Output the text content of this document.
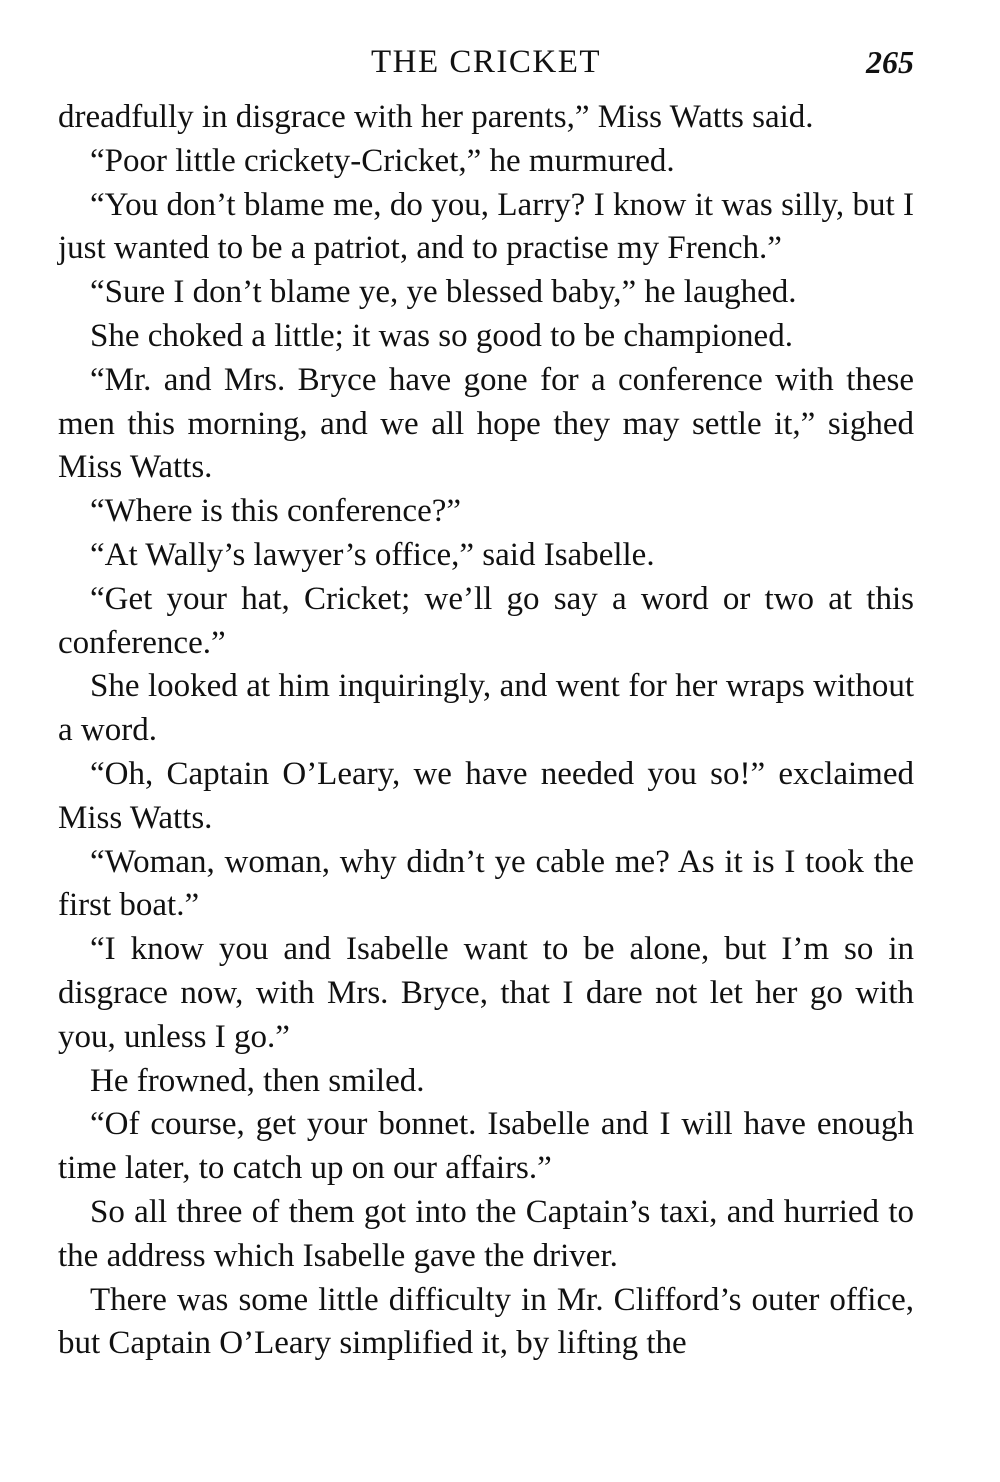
THE CRICKET	265

dreadfully in disgrace with her parents,” Miss Watts said.

“Poor little crickety-Cricket,” he murmured.

“You don’t blame me, do you, Larry? I know it was silly, but I just wanted to be a patriot, and to practise my French.”

“Sure I don’t blame ye, ye blessed baby,” he laughed.

She choked a little; it was so good to be championed.

“Mr. and Mrs. Bryce have gone for a conference with these men this morning, and we all hope they may settle it,” sighed Miss Watts.

“Where is this conference?”

“At Wally’s lawyer’s office,” said Isabelle.

“Get your hat, Cricket; we’ll go say a word or two at this conference.”

She looked at him inquiringly, and went for her wraps without a word.

“Oh, Captain O’Leary, we have needed you so!” exclaimed Miss Watts.

“Woman, woman, why didn’t ye cable me? As it is I took the first boat.”

“I know you and Isabelle want to be alone, but I’m so in disgrace now, with Mrs. Bryce, that I dare not let her go with you, unless I go.”

He frowned, then smiled.

“Of course, get your bonnet. Isabelle and I will have enough time later, to catch up on our affairs.”

So all three of them got into the Captain’s taxi, and hurried to the address which Isabelle gave the driver.

There was some little difficulty in Mr. Clifford’s outer office, but Captain O’Leary simplified it, by lifting the
